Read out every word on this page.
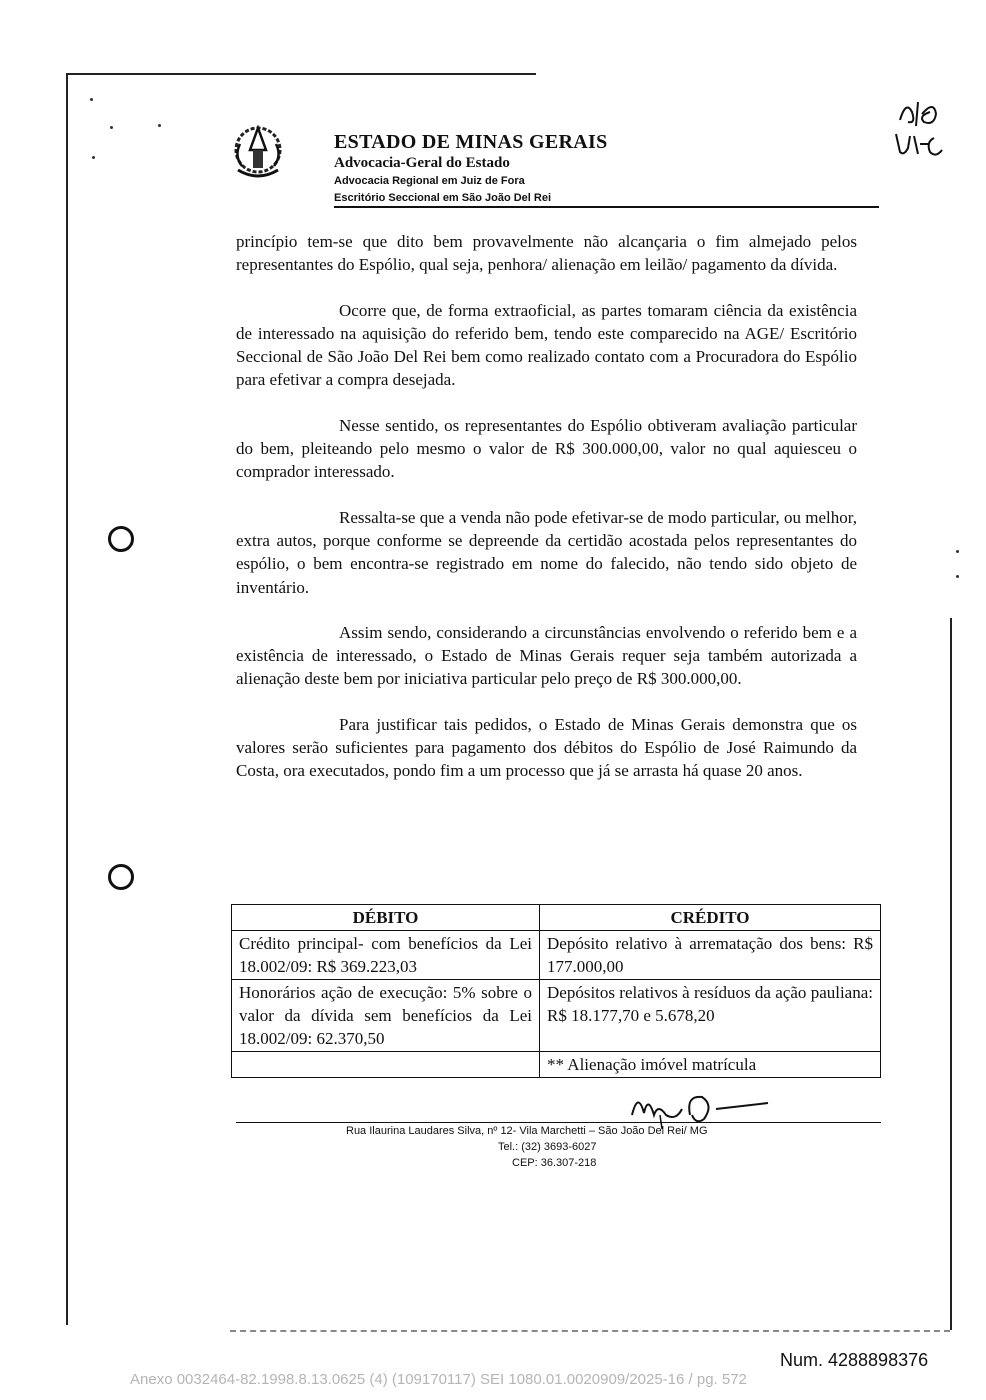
ESTADO DE MINAS GERAIS
Advocacia-Geral do Estado
Advocacia Regional em Juiz de Fora
Escritório Seccional em São João Del Rei

princípio tem-se que dito bem provavelmente não alcançaria o fim almejado pelos representantes do Espólio, qual seja, penhora/ alienação em leilão/ pagamento da dívida.

Ocorre que, de forma extraoficial, as partes tomaram ciência da existência de interessado na aquisição do referido bem, tendo este comparecido na AGE/ Escritório Seccional de São João Del Rei bem como realizado contato com a Procuradora do Espólio para efetivar a compra desejada.

Nesse sentido, os representantes do Espólio obtiveram avaliação particular do bem, pleiteando pelo mesmo o valor de R$ 300.000,00, valor no qual aquiesceu o comprador interessado.

Ressalta-se que a venda não pode efetivar-se de modo particular, ou melhor, extra autos, porque conforme se depreende da certidão acostada pelos representantes do espólio, o bem encontra-se registrado em nome do falecido, não tendo sido objeto de inventário.

Assim sendo, considerando a circunstâncias envolvendo o referido bem e a existência de interessado, o Estado de Minas Gerais requer seja também autorizada a alienação deste bem por iniciativa particular pelo preço de R$ 300.000,00.

Para justificar tais pedidos, o Estado de Minas Gerais demonstra que os valores serão suficientes para pagamento dos débitos do Espólio de José Raimundo da Costa, ora executados, pondo fim a um processo que já se arrasta há quase 20 anos.

DÉBITO	CRÉDITO
Crédito principal- com benefícios da Lei 18.002/09: R$ 369.223,03	Depósito relativo à arrematação dos bens: R$ 177.000,00
Honorários ação de execução: 5% sobre o valor da dívida sem benefícios da Lei 18.002/09: 62.370,50	Depósitos relativos à resíduos da ação pauliana: R$ 18.177,70 e 5.678,20
	** Alienação imóvel matrícula
Rua Ilaurina Laudares Silva, nº 12- Vila Marchetti – São João Del Rei/ MG
Tel.: (32) 3693-6027
CEP: 36.307-218
Num. 4288898376
Anexo 0032464-82.1998.8.13.0625 (4) (109170117) SEI 1080.01.0020909/2025-16 / pg. 572
